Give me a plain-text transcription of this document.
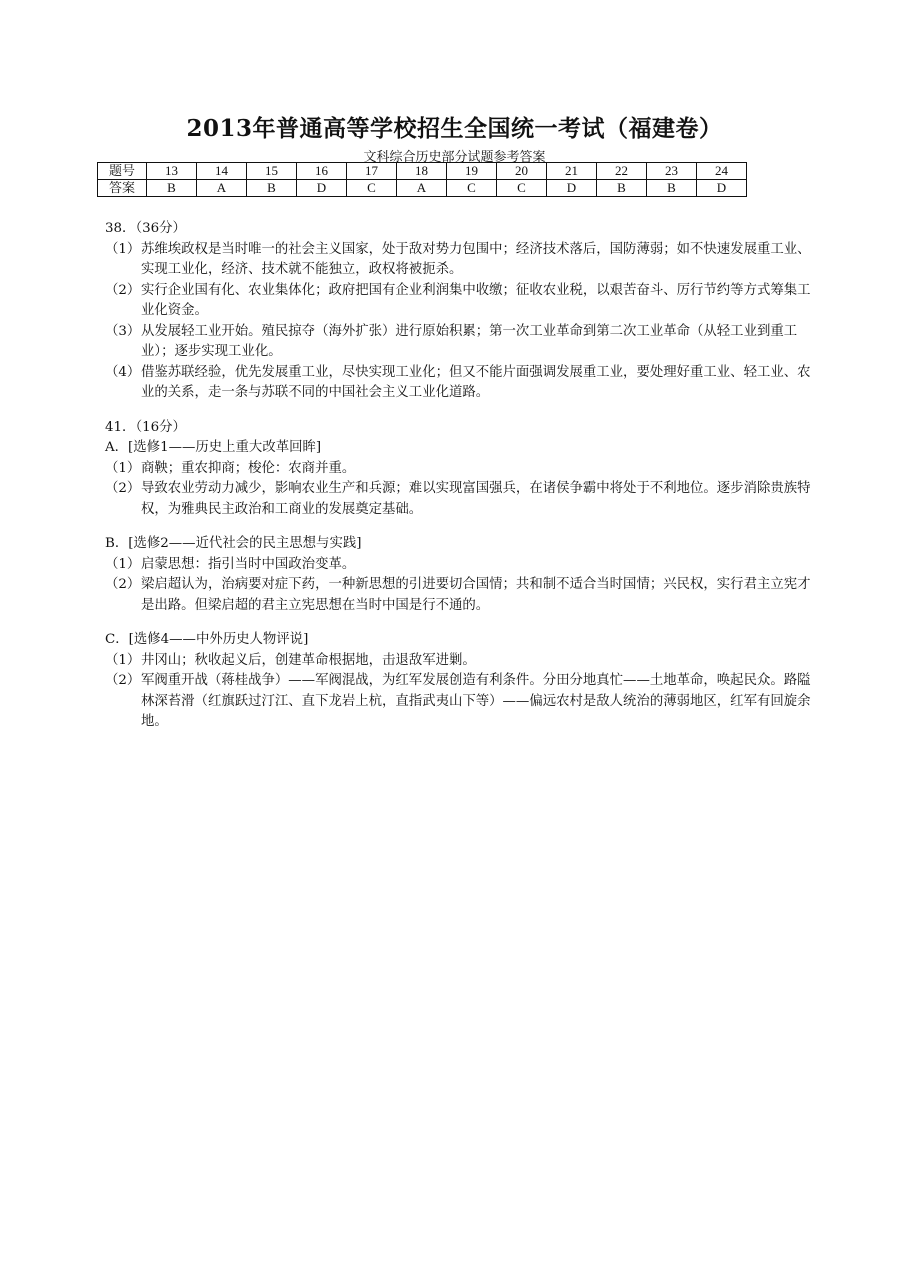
2013年普通高等学校招生全国统一考试（福建卷）
文科综合历史部分试题参考答案
题号	13	14	15	16	17	18	19	20	21	22	23	24
答案	B	A	B	D	C	A	C	C	D	B	B	D

38．（36分）

（1） 苏维埃政权是当时唯一的社会主义国家，处于敌对势力包围中；经济技术落后，国防薄弱；如不快速发展重工业、实现工业化，经济、技术就不能独立，政权将被扼杀。
（2） 实行企业国有化、农业集体化；政府把国有企业利润集中收缴；征收农业税，以艰苦奋斗、厉行节约等方式筹集工业化资金。
（3） 从发展轻工业开始。殖民掠夺（海外扩张）进行原始积累；第一次工业革命到第二次工业革命（从轻工业到重工业）；逐步实现工业化。
（4） 借鉴苏联经验，优先发展重工业，尽快实现工业化；但又不能片面强调发展重工业，要处理好重工业、轻工业、农业的关系，走一条与苏联不同的中国社会主义工业化道路。

41．（16分）

A．[选修1——历史上重大改革回眸]

（1） 商鞅；重农抑商；梭伦：农商并重。
（2） 导致农业劳动力减少，影响农业生产和兵源；难以实现富国强兵，在诸侯争霸中将处于不利地位。逐步消除贵族特权，为雅典民主政治和工商业的发展奠定基础。

B．[选修2——近代社会的民主思想与实践]

（1） 启蒙思想：指引当时中国政治变革。
（2） 梁启超认为，治病要对症下药，一种新思想的引进要切合国情；共和制不适合当时国情；兴民权，实行君主立宪才是出路。但梁启超的君主立宪思想在当时中国是行不通的。

C．[选修4——中外历史人物评说]

（1） 井冈山；秋收起义后，创建革命根据地，击退敌军进剿。
（2） 军阀重开战（蒋桂战争）——军阀混战，为红军发展创造有利条件。分田分地真忙——土地革命，唤起民众。路隘林深苔滑（红旗跃过汀江、直下龙岩上杭，直指武夷山下等）——偏远农村是敌人统治的薄弱地区，红军有回旋余地。
